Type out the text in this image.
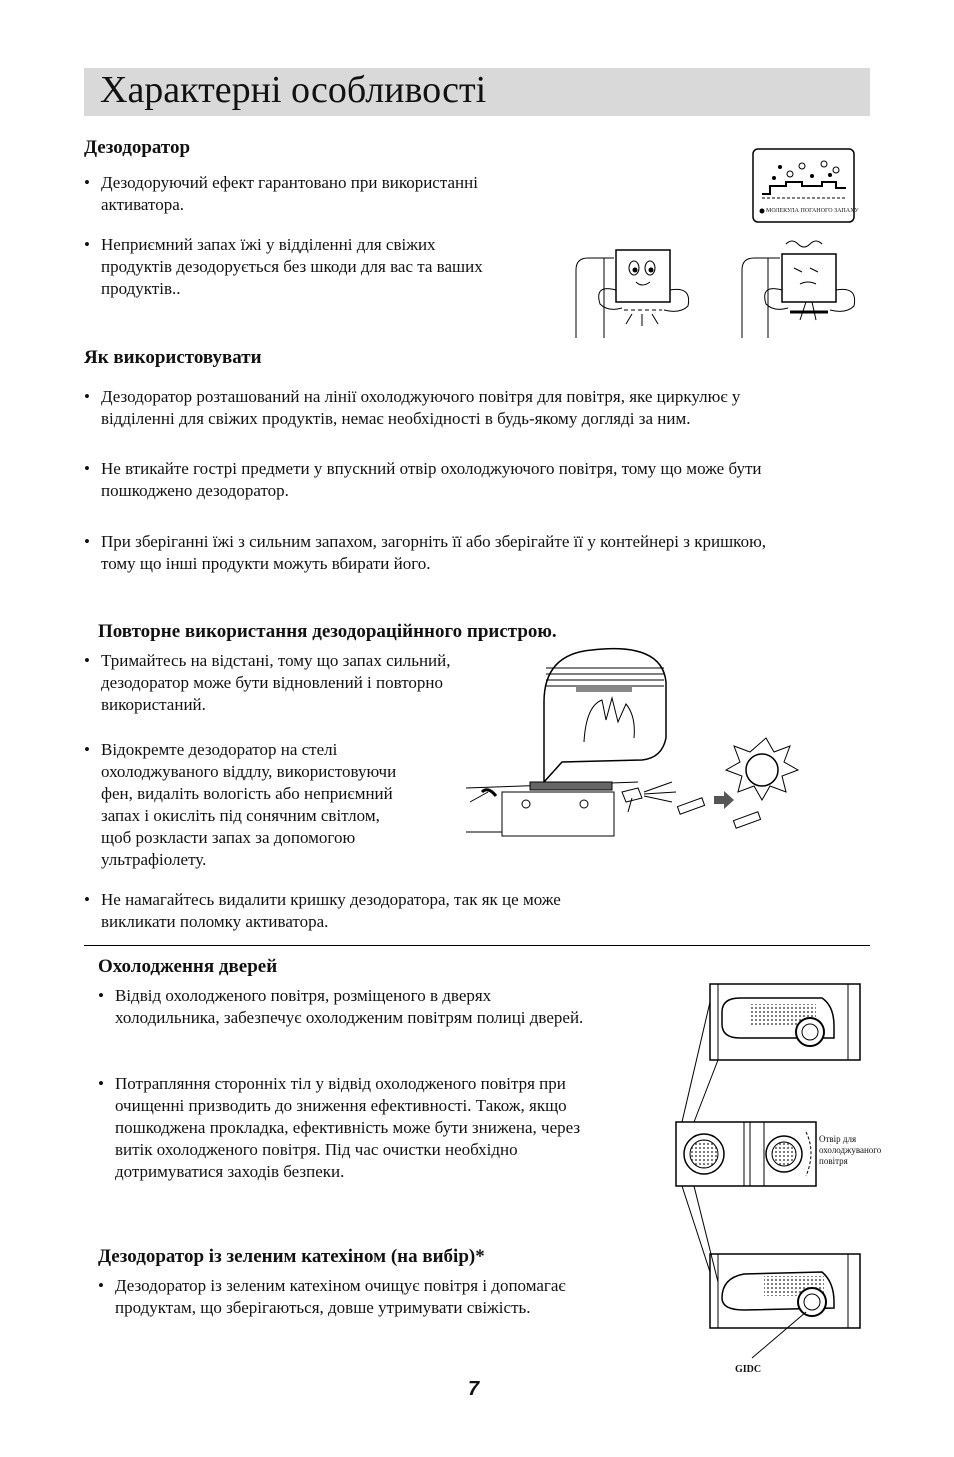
Характерні особливості
Дезодоратор
• Дезодоруючий ефект гарантовано при використанні
активатора.
• Неприємний запах їжі у відділенні для свіжих
продуктів дезодорується без шкоди для вас та ваших
продуктів..
МОЛЕКУЛА ПОГАНОГО ЗАПАХУ
Як використовувати
• Дезодоратор розташований на лінії охолоджуючого повітря для повітря, яке циркулює у
відділенні для свіжих продуктів, немає необхідності в будь-якому догляді за ним.
• Не втикайте гострі предмети у впускний отвір охолоджуючого повітря, тому що може бути
пошкоджено дезодоратор.
• При зберіганні їжі з сильним запахом, загорніть її або зберігайте її у контейнері з кришкою,
тому що інші продукти можуть вбирати його.
Повторне використання дезодораційнного пристрою.
• Тримайтесь на відстані, тому що запах сильний,
дезодоратор може бути відновлений і повторно
використаний.
• Відокремте дезодоратор на стелі
охолоджуваного віддлу, використовуючи
фен, видаліть вологість або неприємний
запах і окисліть під сонячним світлом,
щоб розкласти запах за допомогою
ультрафіолету.
• Не намагайтесь видалити кришку дезодоратора, так як це може
викликати поломку активатора.
Охолодження дверей
• Відвід охолодженого повітря, розміщеного в дверях
холодильника, забезпечує охолодженим повітрям полиці дверей.
• Потрапляння сторонніх тіл у відвід охолодженого повітря при
очищенні призводить до зниження ефективності. Також, якщо
пошкоджена прокладка, ефективність може бути знижена, через
витік охолодженого повітря. Під час очистки необхідно
дотримуватися заходів безпеки.
Дезодоратор із зеленим катехіном (на вибір)*
• Дезодоратор із зеленим катехіном очищує повітря і допомагає
продуктам, що зберігаються, довше утримувати свіжість.
Отвір для
охолоджуваного
повітря
GIDC
7
